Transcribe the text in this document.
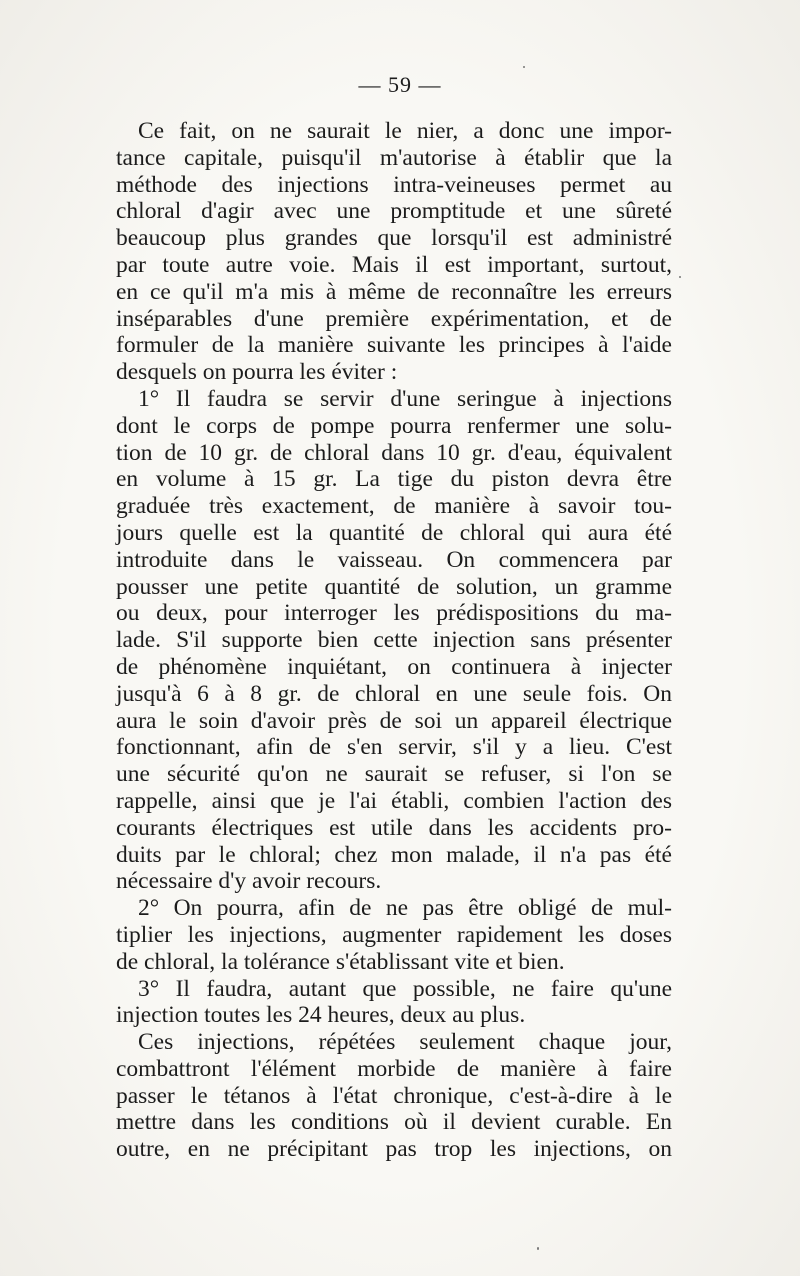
— 59 —
Ce fait, on ne saurait le nier, a donc une impor-
tance capitale, puisqu'il m'autorise à établir que la
méthode des injections intra-veineuses permet au
chloral d'agir avec une promptitude et une sûreté
beaucoup plus grandes que lorsqu'il est administré
par toute autre voie. Mais il est important, surtout,
en ce qu'il m'a mis à même de reconnaître les erreurs
inséparables d'une première expérimentation, et de
formuler de la manière suivante les principes à l'aide
desquels on pourra les éviter :
1° Il faudra se servir d'une seringue à injections
dont le corps de pompe pourra renfermer une solu-
tion de 10 gr. de chloral dans 10 gr. d'eau, équivalent
en volume à 15 gr. La tige du piston devra être
graduée très exactement, de manière à savoir tou-
jours quelle est la quantité de chloral qui aura été
introduite dans le vaisseau. On commencera par
pousser une petite quantité de solution, un gramme
ou deux, pour interroger les prédispositions du ma-
lade. S'il supporte bien cette injection sans présenter
de phénomène inquiétant, on continuera à injecter
jusqu'à 6 à 8 gr. de chloral en une seule fois. On
aura le soin d'avoir près de soi un appareil électrique
fonctionnant, afin de s'en servir, s'il y a lieu. C'est
une sécurité qu'on ne saurait se refuser, si l'on se
rappelle, ainsi que je l'ai établi, combien l'action des
courants électriques est utile dans les accidents pro-
duits par le chloral; chez mon malade, il n'a pas été
nécessaire d'y avoir recours.
2° On pourra, afin de ne pas être obligé de mul-
tiplier les injections, augmenter rapidement les doses
de chloral, la tolérance s'établissant vite et bien.
3° Il faudra, autant que possible, ne faire qu'une
injection toutes les 24 heures, deux au plus.
Ces injections, répétées seulement chaque jour,
combattront l'élément morbide de manière à faire
passer le tétanos à l'état chronique, c'est-à-dire à le
mettre dans les conditions où il devient curable. En
outre, en ne précipitant pas trop les injections, on
